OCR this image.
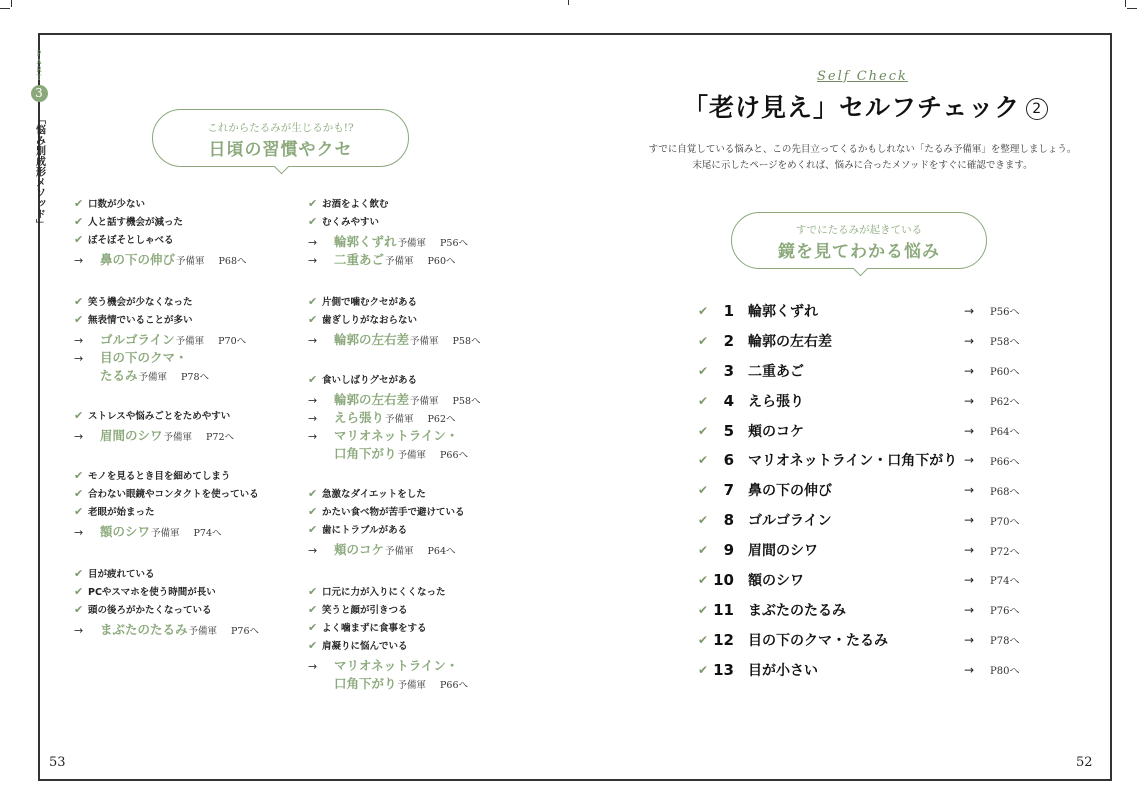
P
A
R
T
3
「悩み別成形メソッド」	これからたるみが生じるかも!?
日頃の習慣やクセ
✔ 口数が少ない
✔ 人と話す機会が減った
✔ ぼそぼそとしゃべる
→	鼻の下の伸び予備軍 P68へ
✔ 笑う機会が少なくなった
✔ 無表情でいることが多い
→	ゴルゴライン予備軍 P70へ
→	目の下のクマ・
たるみ予備軍 P78へ
✔ ストレスや悩みごとをためやすい
→	眉間のシワ予備軍 P72へ
✔ モノを見るとき目を細めてしまう
✔ 合わない眼鏡やコンタクトを使っている
✔ 老眼が始まった
→	額のシワ予備軍 P74へ
✔ 目が疲れている
✔ PCやスマホを使う時間が長い
✔ 頭の後ろがかたくなっている
→	まぶたのたるみ予備軍 P76へ
✔ お酒をよく飲む
✔ むくみやすい
→	輪郭くずれ予備軍 P56へ
→	二重あご予備軍 P60へ
✔ 片側で噛むクセがある
✔ 歯ぎしりがなおらない
→	輪郭の左右差予備軍 P58へ
✔ 食いしばりグセがある
→	輪郭の左右差予備軍 P58へ
→	えら張り予備軍 P62へ
→	マリオネットライン・
口角下がり予備軍 P66へ
✔ 急激なダイエットをした
✔ かたい食べ物が苦手で避けている
✔ 歯にトラブルがある
→	頬のコケ予備軍 P64へ
✔ 口元に力が入りにくくなった
✔ 笑うと顔が引きつる
✔ よく噛まずに食事をする
✔ 肩凝りに悩んでいる
→	マリオネットライン・
口角下がり予備軍 P66へ
Self Check
「老け見え」セルフチェック 2
すでに自覚している悩みと、この先目立ってくるかもしれない「たるみ予備軍」を整理しましょう。
末尾に示したページをめくれば、悩みに合ったメソッドをすぐに確認できます。
すでにたるみが起きている
鏡を見てわかる悩み
✔	1 輪郭くずれ	→	P56へ
✔	2 輪郭の左右差	→	P58へ
✔	3 二重あご	→	P60へ
✔	4 えら張り	→	P62へ
✔	5 頬のコケ	→	P64へ
✔	6 マリオネットライン・口角下がり →	P66へ
✔	7 鼻の下の伸び	→	P68へ
✔	8 ゴルゴライン	→	P70へ
✔	9 眉間のシワ	→	P72へ
✔ 10 額のシワ	→	P74へ
✔ 11 まぶたのたるみ	→	P76へ
✔ 12 目の下のクマ・たるみ	→	P78へ
✔ 13 目が小さい	→	P80へ
53	52
